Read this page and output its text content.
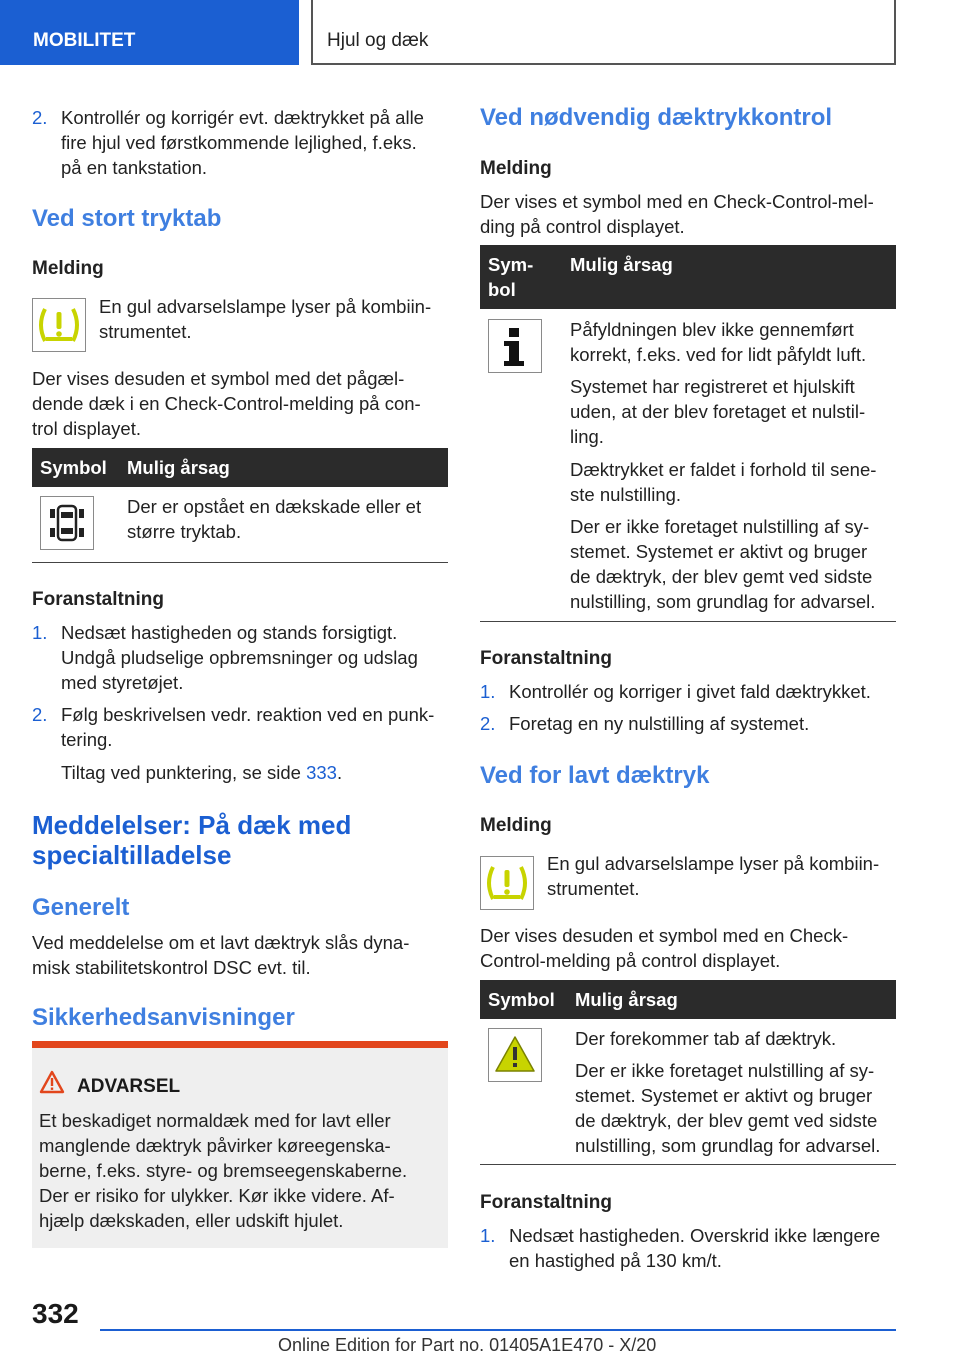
MOBILITET	Hjul og dæk
2. Kontrollér og korrigér evt. dæktrykket på alle
fire hjul ved førstkommende lejlighed, f.eks.
på en tankstation.
Ved stort tryktab
Melding
En gul advarselslampe lyser på kombiin-
strumentet.
Der vises desuden et symbol med det pågæl-
dende dæk i en Check-Control-melding på con-
trol displayet.
Symbol Mulig årsag
Der er opstået en dækskade eller et
større tryktab.
Foranstaltning
1. Nedsæt hastigheden og stands forsigtigt.
Undgå pludselige opbremsninger og udslag
med styretøjet.
2. Følg beskrivelsen vedr. reaktion ved en punk-
tering.
Tiltag ved punktering, se side 333.
Meddelelser: På dæk med
specialtilladelse
Generelt
Ved meddelelse om et lavt dæktryk slås dyna-
misk stabilitetskontrol DSC evt. til.
Sikkerhedsanvisninger
ADVARSEL
Et beskadiget normaldæk med for lavt eller
manglende dæktryk påvirker køreegenska-
berne, f.eks. styre- og bremseegenskaberne.
Der er risiko for ulykker. Kør ikke videre. Af-
hjælp dækskaden, eller udskift hjulet.
Ved nødvendig dæktrykkontrol
Melding
Der vises et symbol med en Check-Control-mel-
ding på control displayet.
Sym-
bol
Mulig årsag
Påfyldningen blev ikke gennemført
korrekt, f.eks. ved for lidt påfyldt luft.
Systemet har registreret et hjulskift
uden, at der blev foretaget et nulstil-
ling.
Dæktrykket er faldet i forhold til sene-
ste nulstilling.
Der er ikke foretaget nulstilling af sy-
stemet. Systemet er aktivt og bruger
de dæktryk, der blev gemt ved sidste
nulstilling, som grundlag for advarsel.
Foranstaltning
1. Kontrollér og korriger i givet fald dæktrykket.
2. Foretag en ny nulstilling af systemet.
Ved for lavt dæktryk
Melding
En gul advarselslampe lyser på kombiin-
strumentet.
Der vises desuden et symbol med en Check-
Control-melding på control displayet.
Symbol Mulig årsag
Der forekommer tab af dæktryk.
Der er ikke foretaget nulstilling af sy-
stemet. Systemet er aktivt og bruger
de dæktryk, der blev gemt ved sidste
nulstilling, som grundlag for advarsel.
Foranstaltning
1. Nedsæt hastigheden. Overskrid ikke længere
en hastighed på 130 km/t.
332
Online Edition for Part no. 01405A1E470 - X/20
